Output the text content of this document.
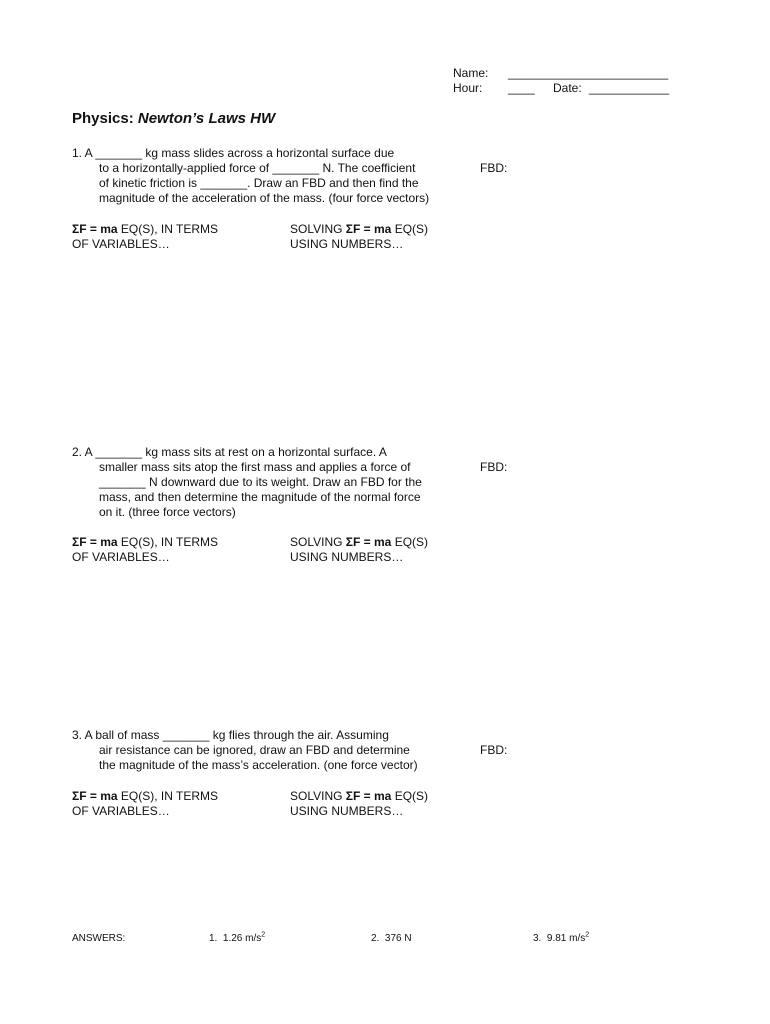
Name: ________________________
Hour: ____ Date: ____________
Physics: Newton’s Laws HW
1. A _______ kg mass slides across a horizontal surface due
to a horizontally-applied force of _______ N. The coefficient
of kinetic friction is _______. Draw an FBD and then find the
magnitude of the acceleration of the mass. (four force vectors)
FBD:
ΣF = ma EQ(S), IN TERMS
OF VARIABLES…
SOLVING ΣF = ma EQ(S)
USING NUMBERS…
2. A _______ kg mass sits at rest on a horizontal surface. A
smaller mass sits atop the first mass and applies a force of
_______ N downward due to its weight. Draw an FBD for the
mass, and then determine the magnitude of the normal force
on it. (three force vectors)
FBD:
ΣF = ma EQ(S), IN TERMS
OF VARIABLES…
SOLVING ΣF = ma EQ(S)
USING NUMBERS…
3. A ball of mass _______ kg flies through the air. Assuming
air resistance can be ignored, draw an FBD and determine
the magnitude of the mass’s acceleration. (one force vector)
FBD:
ΣF = ma EQ(S), IN TERMS
OF VARIABLES…
SOLVING ΣF = ma EQ(S)
USING NUMBERS…
ANSWERS:	1. 1.26 $m/s^2$	2. 376 N	3. 9.81 $m/s^2$
